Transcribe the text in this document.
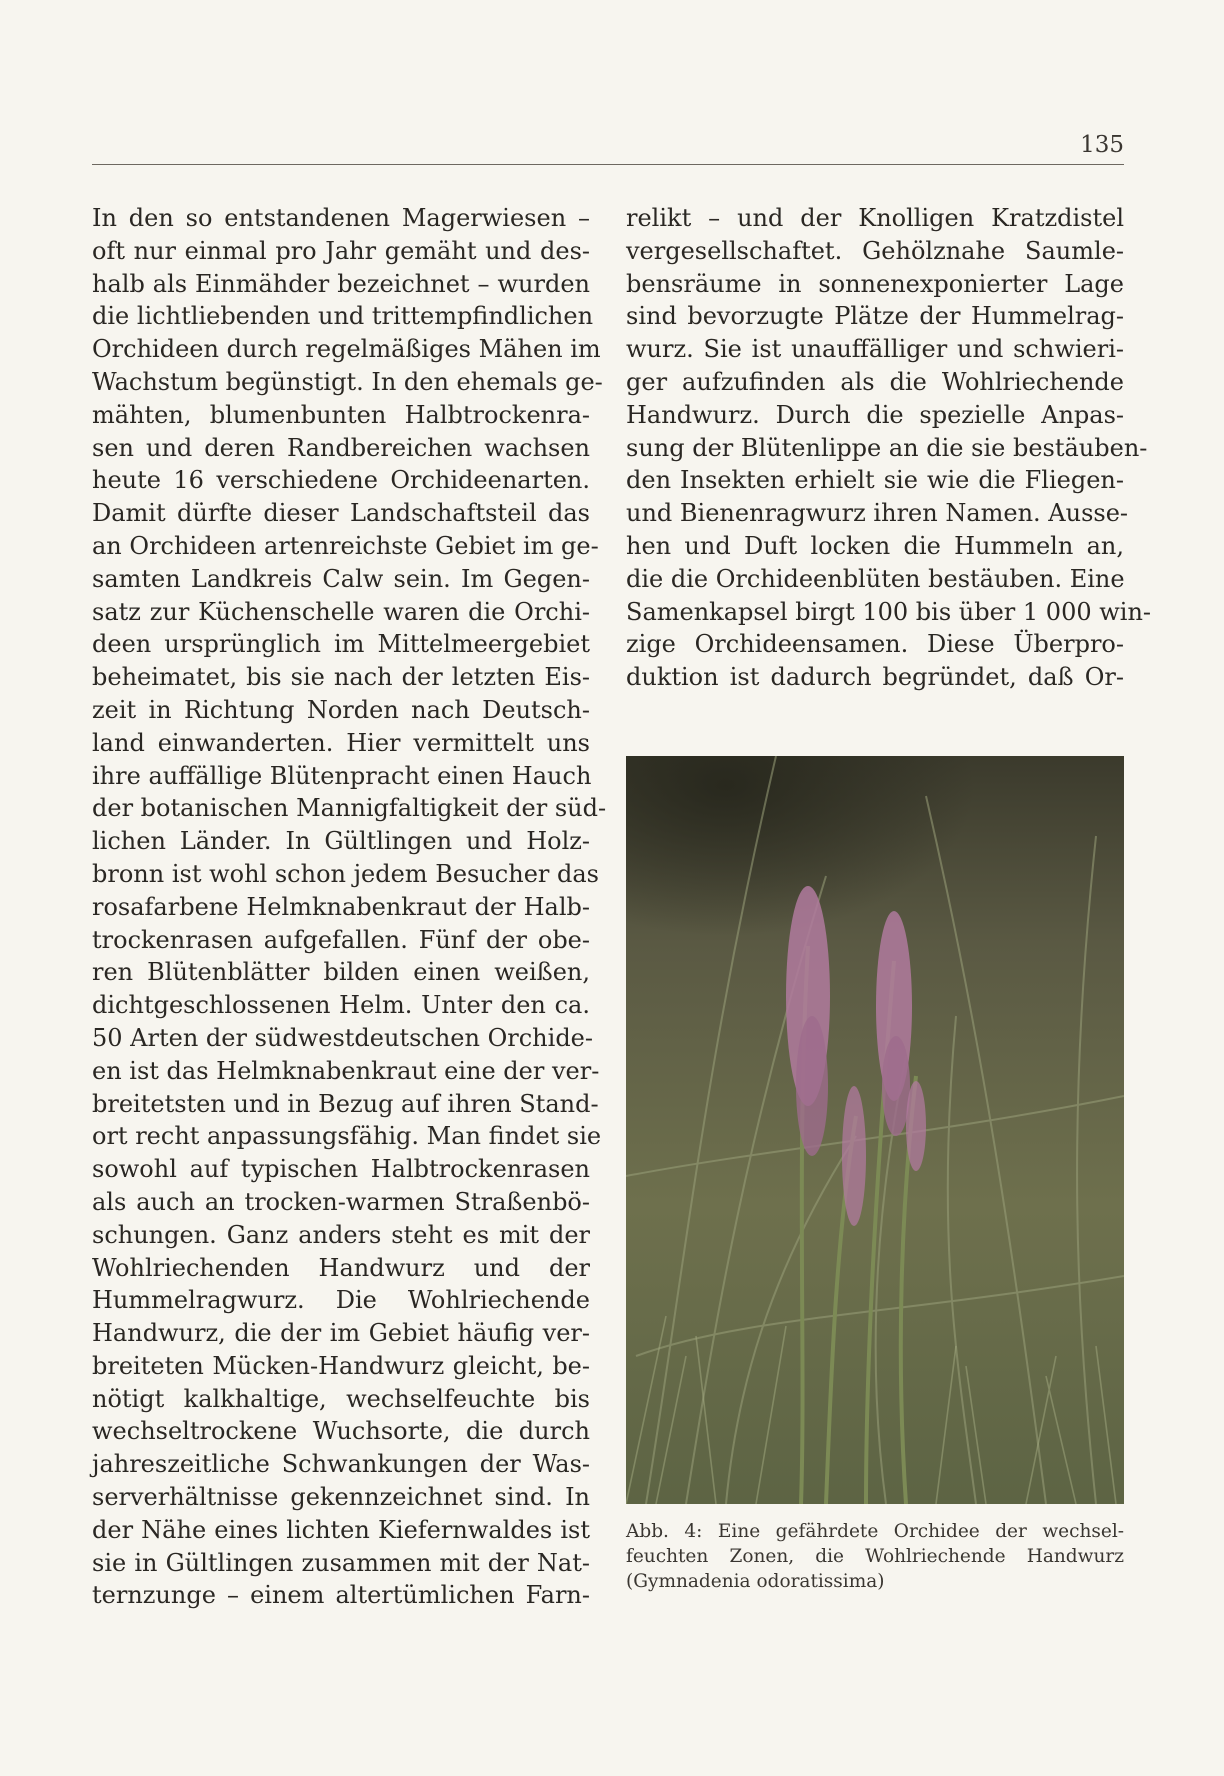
135
In den so entstandenen Magerwiesen –
oft nur einmal pro Jahr gemäht und des-
halb als Einmähder bezeichnet – wurden
die lichtliebenden und trittempfindlichen
Orchideen durch regelmäßiges Mähen im
Wachstum begünstigt. In den ehemals ge-
mähten, blumenbunten Halbtrockenra-
sen und deren Randbereichen wachsen
heute 16 verschiedene Orchideenarten.
Damit dürfte dieser Landschaftsteil das
an Orchideen artenreichste Gebiet im ge-
samten Landkreis Calw sein. Im Gegen-
satz zur Küchenschelle waren die Orchi-
deen ursprünglich im Mittelmeergebiet
beheimatet, bis sie nach der letzten Eis-
zeit in Richtung Norden nach Deutsch-
land einwanderten. Hier vermittelt uns
ihre auffällige Blütenpracht einen Hauch
der botanischen Mannigfaltigkeit der süd-
lichen Länder. In Gültlingen und Holz-
bronn ist wohl schon jedem Besucher das
rosafarbene Helmknabenkraut der Halb-
trockenrasen aufgefallen. Fünf der obe-
ren Blütenblätter bilden einen weißen,
dichtgeschlossenen Helm. Unter den ca.
50 Arten der südwestdeutschen Orchide-
en ist das Helmknabenkraut eine der ver-
breitetsten und in Bezug auf ihren Stand-
ort recht anpassungsfähig. Man findet sie
sowohl auf typischen Halbtrockenrasen
als auch an trocken-warmen Straßenbö-
schungen. Ganz anders steht es mit der
Wohlriechenden Handwurz und der
Hummelragwurz. Die Wohlriechende
Handwurz, die der im Gebiet häufig ver-
breiteten Mücken-Handwurz gleicht, be-
nötigt kalkhaltige, wechselfeuchte bis
wechseltrockene Wuchsorte, die durch
jahreszeitliche Schwankungen der Was-
serverhältnisse gekennzeichnet sind. In
der Nähe eines lichten Kiefernwaldes ist
sie in Gültlingen zusammen mit der Nat-
ternzunge – einem altertümlichen Farn-
relikt – und der Knolligen Kratzdistel
vergesellschaftet. Gehölznahe Saumle-
bensräume in sonnenexponierter Lage
sind bevorzugte Plätze der Hummelrag-
wurz. Sie ist unauffälliger und schwieri-
ger aufzufinden als die Wohlriechende
Handwurz. Durch die spezielle Anpas-
sung der Blütenlippe an die sie bestäuben-
den Insekten erhielt sie wie die Fliegen-
und Bienenragwurz ihren Namen. Ausse-
hen und Duft locken die Hummeln an,
die die Orchideenblüten bestäuben. Eine
Samenkapsel birgt 100 bis über 1 000 win-
zige Orchideensamen. Diese Überpro-
duktion ist dadurch begründet, daß Or-
Abb. 4: Eine gefährdete Orchidee der wechsel-
feuchten Zonen, die Wohlriechende Handwurz
(Gymnadenia odoratissima)
